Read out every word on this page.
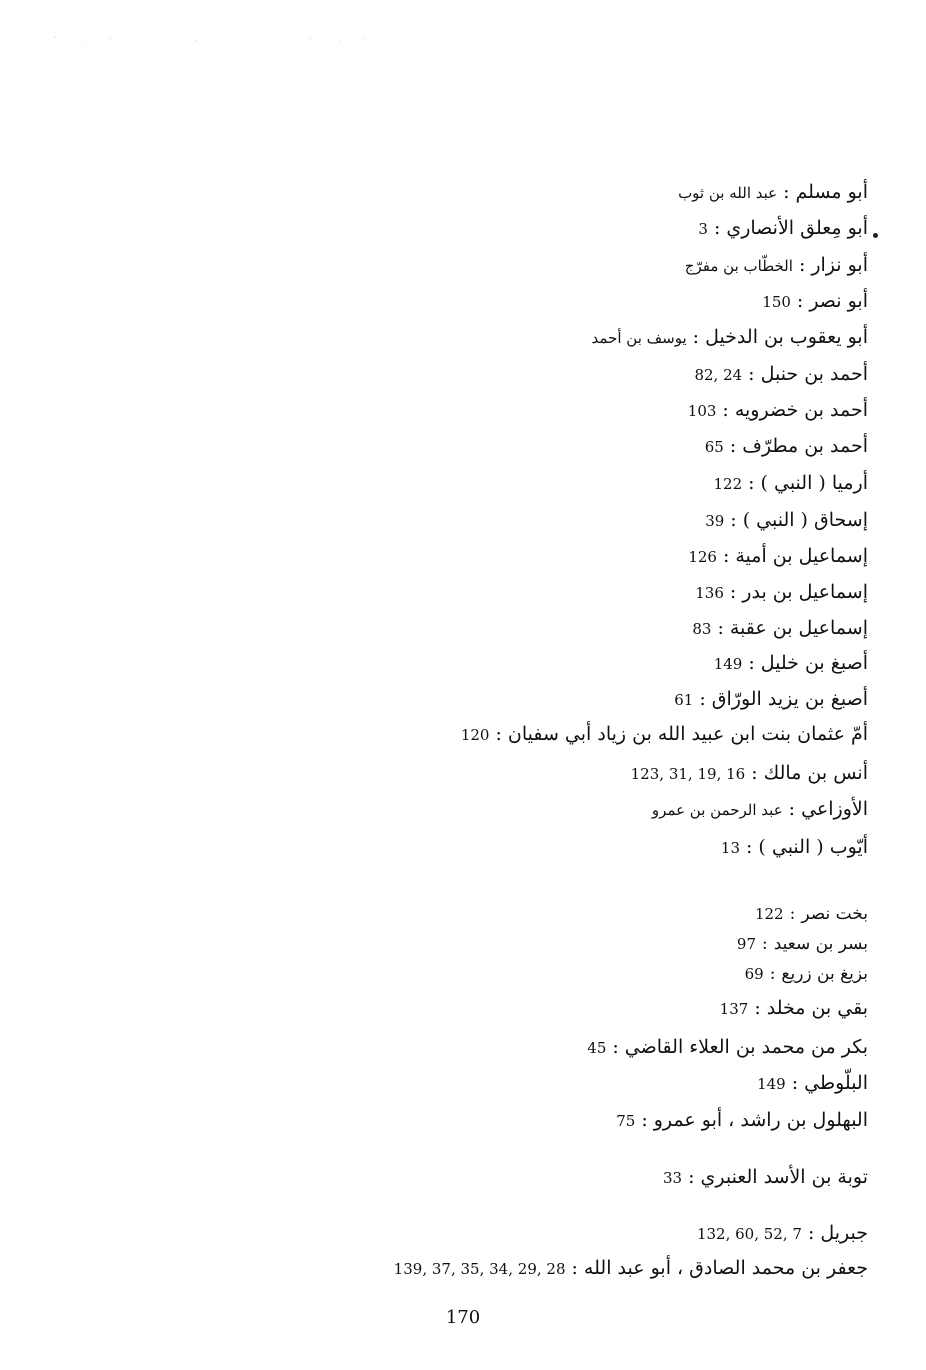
أبو مسلم:عبد الله بن ثوب
أبو مِعلق الأنصاري:3
أبو نزار:الخطّاب بن مفرّج
أبو نصر:150
أبو يعقوب بن الدخيل:يوسف بن أحمد
أحمد بن حنبل:24 ,82
أحمد بن خضرويه:103
أحمد بن مطرّف:65
أرميا ( النبي ):122
إسحاق ( النبي ):39
إسماعيل بن أمية:126
إسماعيل بن بدر:136
إسماعيل بن عقبة:83
أصبغ بن خليل:149
أصبغ بن يزيد الورّاق:61
أمّ عثمان بنت ابن عبيد الله بن زياد أبي سفيان:120
أنس بن مالك:16 ,19 ,31 ,123
الأوزاعي:عبد الرحمن بن عمرو
أيّوب ( النبي ):13
بخت نصر:122
بسر بن سعيد:97
بزيغ بن زريع:69
بقي بن مخلد:137
بكر من محمد بن العلاء القاضي:45
البلّوطي:149
البهلول بن راشد ، أبو عمرو:75
توبة بن الأسد العنبري:33
جبريل:7 ,52 ,60 ,132
جعفر بن محمد الصادق ، أبو عبد الله:28 ,29 ,34 ,35 ,37 ,139
170
